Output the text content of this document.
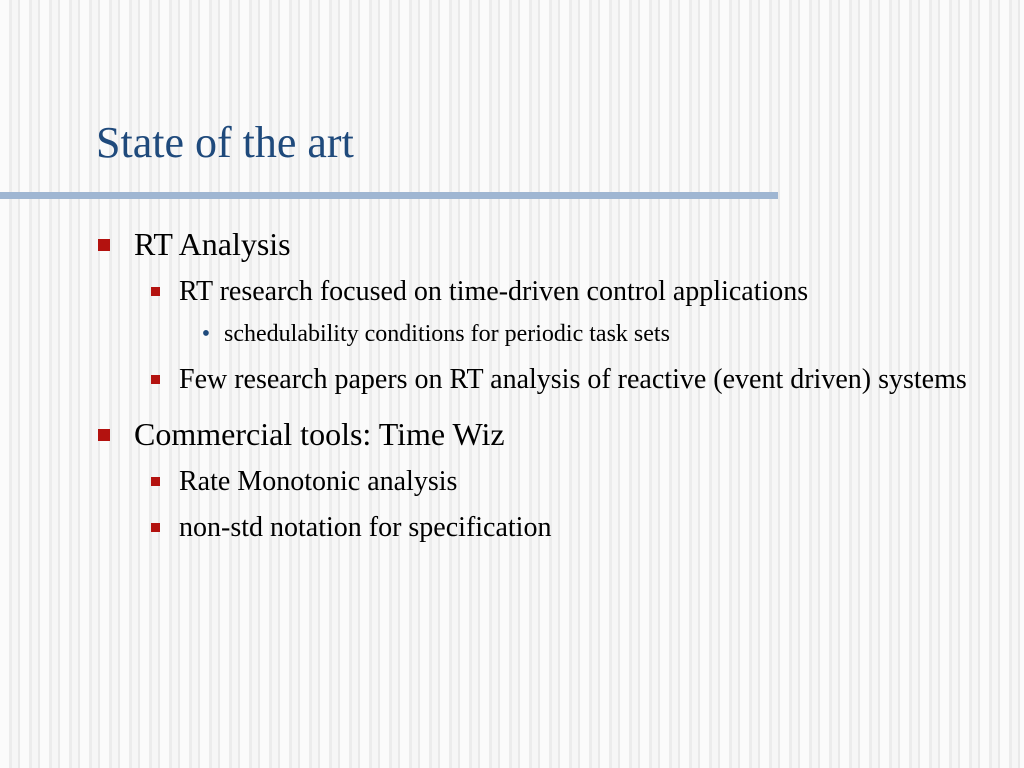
State of the art
RT Analysis
RT research focused on time-driven control applications
• schedulability conditions for periodic task sets
Few research papers on RT analysis of reactive (event driven) systems
Commercial tools: Time Wiz
Rate Monotonic analysis
non-std notation for specification
